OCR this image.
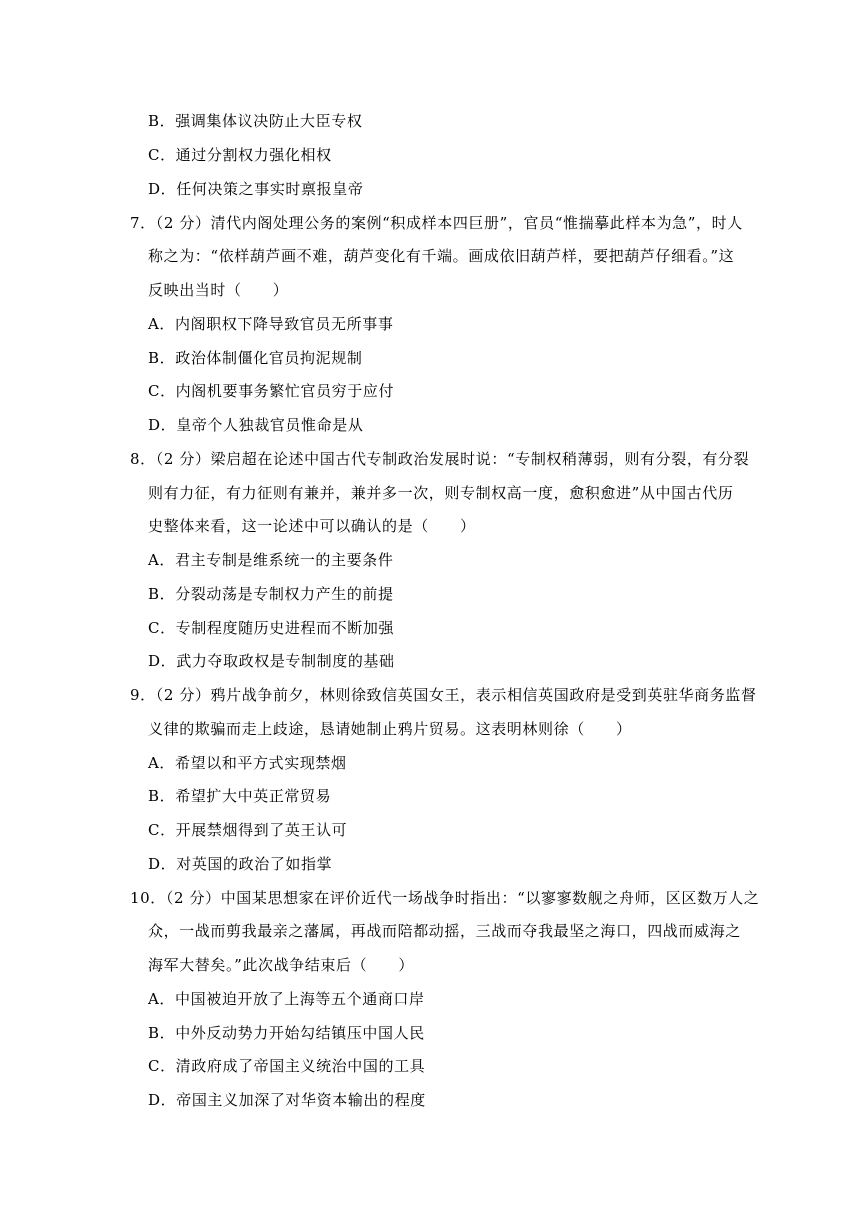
B．强调集体议决防止大臣专权
C．通过分割权力强化相权
D．任何决策之事实时禀报皇帝
7．（2 分）清代内阁处理公务的案例“积成样本四巨册”，官员“惟揣摹此样本为急”，时人
称之为：“依样葫芦画不难，葫芦变化有千端。画成依旧葫芦样，要把葫芦仔细看。”这
反映出当时（　　）
A．内阁职权下降导致官员无所事事
B．政治体制僵化官员拘泥规制
C．内阁机要事务繁忙官员穷于应付
D．皇帝个人独裁官员惟命是从
8．（2 分）梁启超在论述中国古代专制政治发展时说：“专制权稍薄弱，则有分裂，有分裂
则有力征，有力征则有兼并，兼并多一次，则专制权高一度，愈积愈进”从中国古代历
史整体来看，这一论述中可以确认的是（　　）
A．君主专制是维系统一的主要条件
B．分裂动荡是专制权力产生的前提
C．专制程度随历史进程而不断加强
D．武力夺取政权是专制制度的基础
9．（2 分）鸦片战争前夕，林则徐致信英国女王，表示相信英国政府是受到英驻华商务监督
义律的欺骗而走上歧途，恳请她制止鸦片贸易。这表明林则徐（　　）
A．希望以和平方式实现禁烟
B．希望扩大中英正常贸易
C．开展禁烟得到了英王认可
D．对英国的政治了如指掌
10．（2 分）中国某思想家在评价近代一场战争时指出：“以寥寥数舰之舟师，区区数万人之
众，一战而剪我最亲之藩属，再战而陪都动摇，三战而夺我最坚之海口，四战而威海之
海军大替矣。”此次战争结束后（　　）
A．中国被迫开放了上海等五个通商口岸
B．中外反动势力开始勾结镇压中国人民
C．清政府成了帝国主义统治中国的工具
D．帝国主义加深了对华资本输出的程度
